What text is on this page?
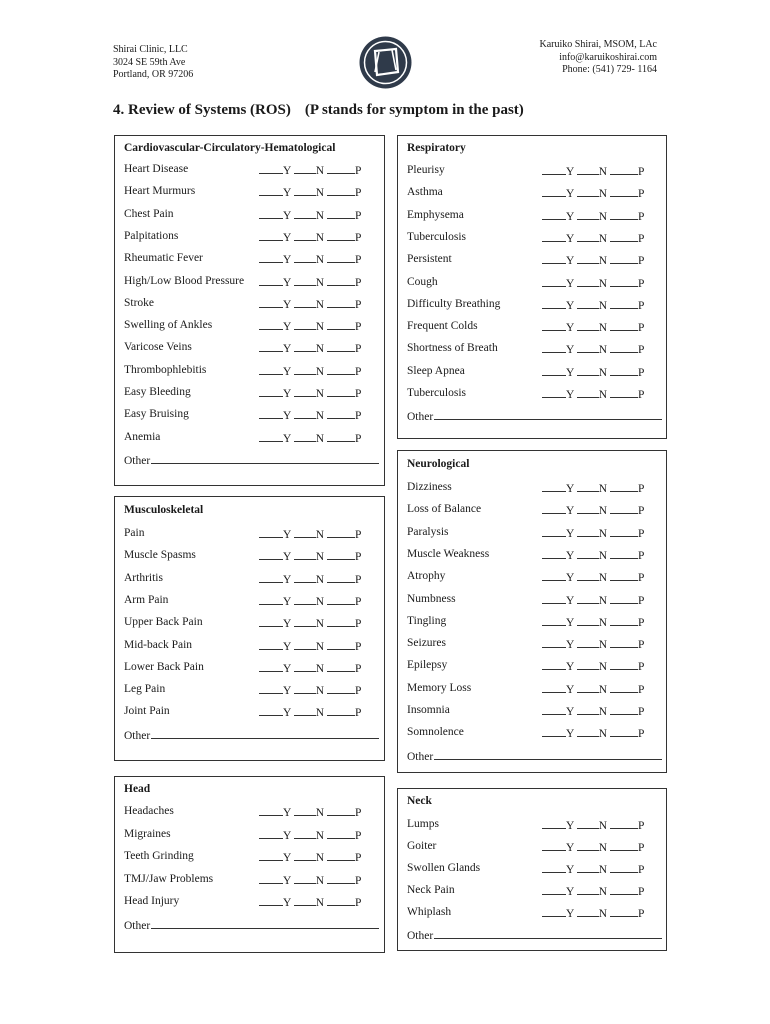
Shirai Clinic, LLC
3024 SE 59th Ave
Portland, OR 97206
Karuiko Shirai, MSOM, LAc
info@karuikoshirai.com
Phone: (541) 729- 1164
4. Review of Systems (ROS) (P stands for symptom in the past)
Cardiovascular-Circulatory-Hematological
Heart Disease	Y N	P
Heart Murmurs	Y N	P
Chest Pain	Y N	P
Palpitations	Y N	P
Rheumatic Fever	Y N	P
High/Low Blood Pressure	Y N	P
Stroke	Y N	P
Swelling of Ankles	Y N	P
Varicose Veins	Y N	P
Thrombophlebitis	Y N	P
Easy Bleeding	Y N	P
Easy Bruising	Y N	P
Anemia	Y N	P
Other
Musculoskeletal
Pain	Y N	P
Muscle Spasms	Y N	P
Arthritis	Y N	P
Arm Pain	Y N	P
Upper Back Pain	Y N	P
Mid-back Pain	Y N	P
Lower Back Pain	Y N	P
Leg Pain	Y N	P
Joint Pain	Y N	P
Other
Head
Headaches	Y N	P
Migraines	Y N	P
Teeth Grinding	Y N	P
TMJ/Jaw Problems	Y N	P
Head Injury	Y N	P
Other
Respiratory
Pleurisy	Y N	P
Asthma	Y N	P
Emphysema	Y N	P
Tuberculosis	Y N	P
Persistent	Y N	P
Cough	Y N	P
Difficulty Breathing	Y N	P
Frequent Colds	Y N	P
Shortness of Breath	Y N	P
Sleep Apnea	Y N	P
Tuberculosis	Y N	P
Other
Neurological
Dizziness	Y N	P
Loss of Balance	Y N	P
Paralysis	Y N	P
Muscle Weakness	Y N	P
Atrophy	Y N	P
Numbness	Y N	P
Tingling	Y N	P
Seizures	Y N	P
Epilepsy	Y N	P
Memory Loss	Y N	P
Insomnia	Y N	P
Somnolence	Y N	P
Other
Neck
Lumps	Y N	P
Goiter	Y N	P
Swollen Glands	Y N	P
Neck Pain	Y N	P
Whiplash	Y N	P
Other
